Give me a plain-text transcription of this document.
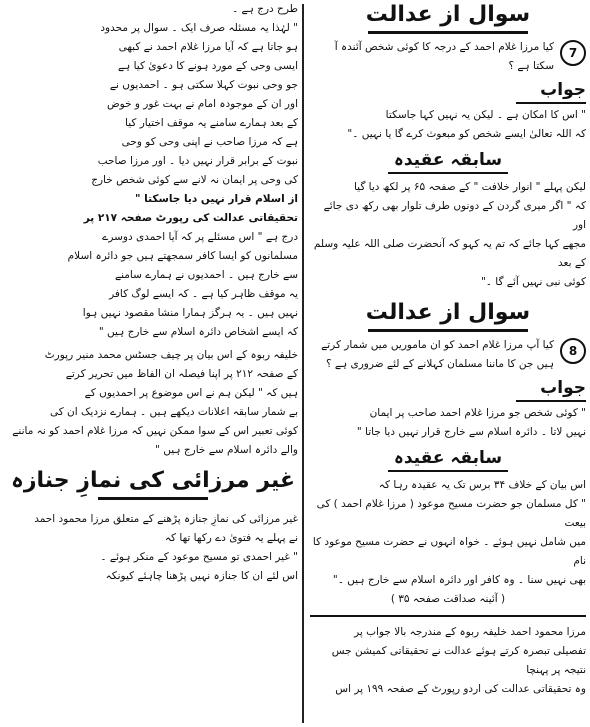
سوال از عدالت

7

کیا مرزا غلام احمد کے درجہ کا کوئی شخص آئندہ آ

سکتا ہے ؟

جواب

" اس کا امکان ہے ۔ لیکن یہ نہیں کہا جاسکتا

کہ اللہ تعالیٰ ایسے شخص کو مبعوث کرے گا یا نہیں ۔"

سابقہ عقیدہ

لیکن پہلے " انوار خلافت " کے صفحہ ۶۵ پر لکھ دیا گیا

کہ " اگر میری گردن کے دونوں طرف تلوار بھی رکھ دی جائے اور

مجھے کہا جائے کہ تم یہ کہو کہ آنحضرت صلی اللہ علیہ وسلم کے بعد

کوئی نبی نہیں آئے گا ۔"

سوال از عدالت

8

کیا آپ مرزا غلام احمد کو ان ماموریں میں شمار کرتے

ہیں جن کا ماننا مسلمان کہلانے کے لئے ضروری ہے ؟

جواب

" کوئی شخص جو مرزا غلام احمد صاحب پر ایمان

نہیں لاتا ۔ دائرہ اسلام سے خارج قرار نہیں دیا جاتا "

سابقہ عقیدہ

اس بیان کے خلاف ۳۴ برس تک یہ عقیدہ رہا کہ

" کل مسلمان جو حضرت مسیح موعود ( مرزا غلام احمد ) کی بیعت

میں شامل نہیں ہوئے ۔ خواہ انہوں نے حضرت مسیح موعود کا نام

بھی نہیں سنا ۔ وہ کافر اور دائرہ اسلام سے خارج ہیں ۔"

( آئینہ صداقت صفحہ ۳۵ )

مرزا محمود احمد خلیفہ ربوہ کے مندرجہ بالا جواب پر

تفصیلی تبصرہ کرتے ہوئے عدالت نے تحقیقاتی کمیشن جس نتیجہ پر پہنچا

وہ تحقیقاتی عدالت کی اردو رپورٹ کے صفحہ ۱۹۹ پر اس

طرح درج ہے ۔

" لہٰذا یہ مسئلہ صرف ایک ۔ سوال پر محدود

ہو جاتا ہے کہ آیا مرزا غلام احمد نے کبھی

ایسی وحی کے مورد ہونے کا دعویٰ کیا ہے

جو وحی نبوت کہلا سکتی ہو ۔ احمدیوں نے

اور ان کے موجودہ امام نے بہت غور و خوض

کے بعد ہمارے سامنے یہ موقف اختیار کیا

ہے کہ مرزا صاحب نے اپنی وحی کو وحی

نبوت کے برابر قرار نہیں دیا ۔ اور مرزا صاحب

کی وحی پر ایمان نہ لانے سے کوئی شخص خارج

از اسلام قرار نہیں دیا جاسکتا "

تحقیقاتی عدالت کی رپورٹ صفحہ ۲۱۷ پر

درج ہے " اس مسئلے پر کہ آیا احمدی دوسرے

مسلمانوں کو ایسا کافر سمجھتے ہیں جو دائرہ اسلام

سے خارج ہیں ۔ احمدیوں نے ہمارے سامنے

یہ موقف ظاہر کیا ہے ۔ کہ ایسے لوگ کافر

نہیں ہیں ۔ یہ ہرگز ہمارا منشا مقصود نہیں ہوا

کہ ایسے اشخاص دائرہ اسلام سے خارج ہیں "

خلیفہ ربوہ کے اس بیان پر چیف جسٹس محمد منیر رپورٹ

کے صفحہ ۲۱۲ پر اپنا فیصلہ ان الفاظ میں تحریر کرتے

ہیں کہ " لیکن ہم نے اس موضوع پر احمدیوں کے

بے شمار سابقہ اعلانات دیکھے ہیں ۔ ہمارے نزدیک ان کی

کوئی تعبیر اس کے سوا ممکن نہیں کہ مرزا غلام احمد کو نہ ماننے

والے دائرہ اسلام سے خارج ہیں "

غیر مرزائی کی نمازِ جنازہ

غیر مرزائی کی نمازِ جنازہ پڑھنے کے متعلق مرزا محمود احمد

نے پہلے یہ فتویٰ دے رکھا تھا کہ

" غیر احمدی تو مسیح موعود کے منکر ہوئے ۔

اس لئے ان کا جنازہ نہیں پڑھنا چاہئے کیونکہ
